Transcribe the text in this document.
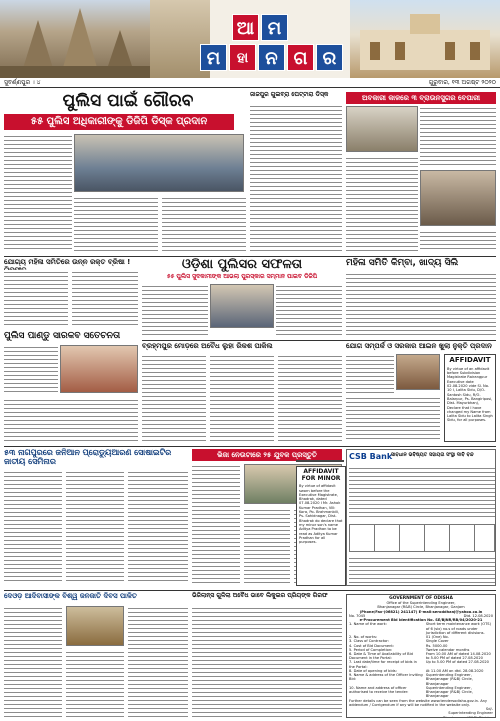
ଆ ମ
ମ	ହା ନ ଗ ର
ସୁବର୍ଣ୍ଣପୁର । ୪	ଗୁରୁବାର, ୧୩ ଅଗଷ୍ଟ ୨୦୨୦
ପୁଲିସ ପାଇଁ ଗୌରବ
୫୫ ପୁଲିସ ଅଧିକାରୀଙ୍କୁ ଡିଜିପି ଡିସ୍କ ପ୍ରଦାନ
ଜାଜପୁର ଗୁଇବ୍ରା ଘେଟ୍ଟାରା ଡିସ୍କ	ଅବକାରୀ କାଳରେ ୩ ବ୍ରାଉନସୁଗର ବେପାରୀ
ଯୋଗ୍ୟ ମହିଳା ସମିତିରେ ଉନ୍ନ ରକ୍ତ ବ୍ରିଷା !
ପୁଲିସ ପାଣ୍ଡୁ ସାରକବ ସତେଚନତା
ଓଡ଼ିଶା ପୁଲିସର ସଫଳତା
୫୫ ପୁଲିସ ସୁଦକାମୀଙ୍କ ଆଭଲା ପୁରସ୍କାର ସମ୍ମାନ ପାଇବ ଡିଜିପି
ମହିଳା ସମିତି କିମ୍ବା, ଖାଦ୍ୟ ସିଲି
ବ୍ରହ୍ମପୁର ମୋଡ଼ରେ ଅବୈଧ ଲୁହା ରିକଶ ପାକିଲ	ଯୋଗ ସମ୍ପର୍କ ଓ ସରକାର ଆଇନ ଖୁଲା ନୁକ୍ତି ପ୍ରଦାନ
AFFIDAVIT
By virtue of an affidavit before Subdivision Magistrate Rairangpur Executive date 02.08.2020 vide Sl. No. 10 I, Lalita Sidu, D/O- Santosh Sidu, R/O- Balarpur, Ps- Bangiriposi, Dist- Mayurbhanj, Declare that I have changed my Name from Lalita Sidu to Lalita Singh Sidu, for all purposes.
୫୩ ନାଗପୁରରେ ଜନିଆନ ପ୍ରୋଡ୍ୟୁଆରଣ ସୋଷାଇଟିର ଜାତୀୟ ସେମିନାର
ଭିଜା ନେଉଟାରେ ୨୫ ଯୁବକ ପ୍ରସ୍ତୁତି
AFFIDAVIT FOR MINOR
By virtue of affidavit sworn before the Executive Magistrate, Bhadrak, dated 07.08.2020 I Mr. Ashok Kumar Pradhan, Vill: Kora, Po- Brahmanbili, Ps- Sahidnagar, Dist- Bhadrak do declare that my minor son's name Aditya Pradhan to be read as Aditya Kumar Pradhan for all purposes.
CSB Bank
ସାବଧାନ ଭବିଷ୍ୟତ ସହାୟତା ସଂସ୍ଥା ଦାବି ବନ୍ଦ
ଦେଓଡ଼ ଆଦିବାସୀଙ୍କ ବିଶ୍ୱ ଜନଜାତି ଦିବସ ପାଳିତ	ଭିଜିଲାନ୍ସ ଗୁଳିଲା ଅବୈଧ ଭାବେ ଲିକୁଇର ପ୍ରିୟଙ୍କ ଗିରଫ	GOVERNMENT OF ODISHA
Office of the Superintending Engineer,
Bhanjanagar (R&B) Circle, Bhanjanagar, Ganjam
(Phone/Fax-(06821) 241147) E-mail:seroddhanj@yahoo.co.in
No. 7045	Dtd. 12.08.2020
e-Procurement Bid Identification No. SE/BJNR/RB/04/2020-21
1. Name of the work:	Short term maintenance work (OTS) of 6 (six) no.s of roads under Jurisdiction of different divisions.
2. No. of works:	01 (One) No.
3. Class of Contractor:	Single Cover
4. Cost of Bid Document:	Rs. 5000.00
5. Period of Completion:	Twelve calendar months
6. Date & Time of Availability of Bid Document in the Portal:
From 10.00 AM of dated 14.08.2020 to 5.00 PM of dated 27.08.2020
7. Last date/time for receipt of bids in the Portal:
Up to 5.00 PM of dated 27.08.2020
8. Date of opening of bids:	At 11.00 AM on dtd. 28.08.2020
9. Name & address of the Officer inviting Bid:
Superintending Engineer, Bhanjanagar (R&B) Circle, Bhanjanagar
10. Name and address of officer authorised to receive the tender:
Superintending Engineer, Bhanjanagar (R&B) Circle, Bhanjanagar
Further details can be seen from the website www.tendersodisha.gov.in. Any addendum / Corrigendum if any will be notified in the website only.
Sd/-
Superintending Engineer
Bhanjanagar (R&B) Division
